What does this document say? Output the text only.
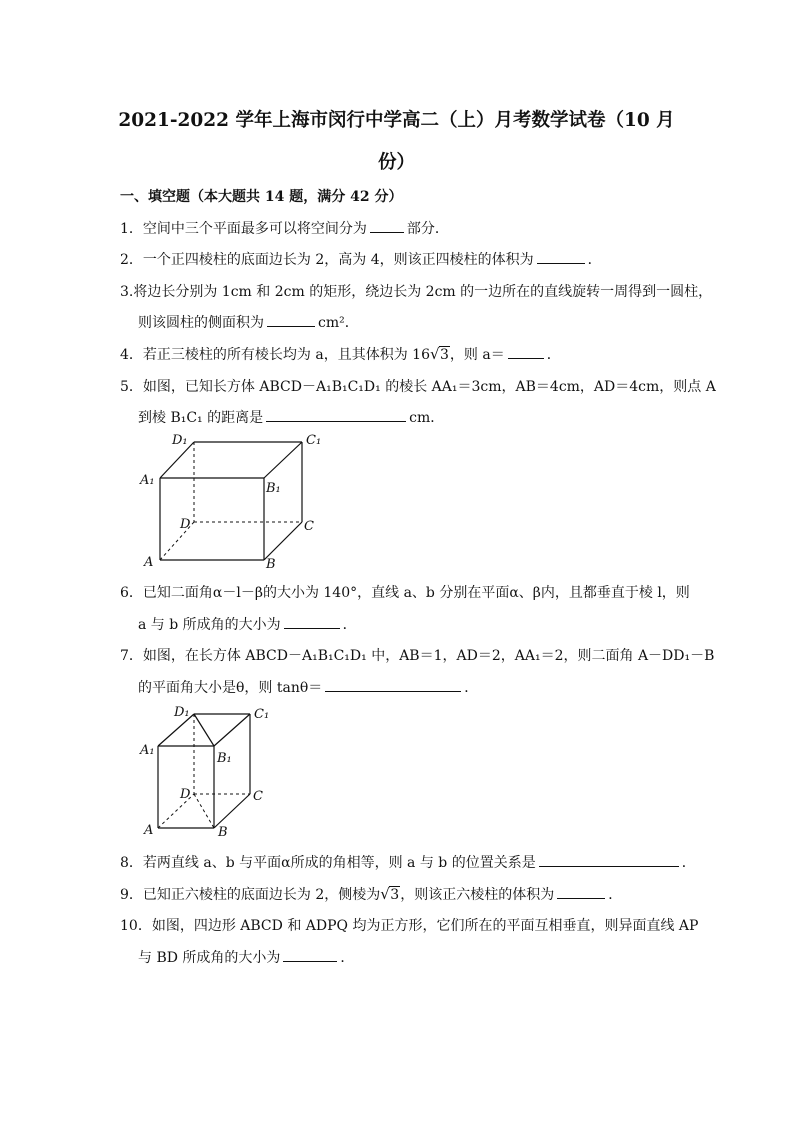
2021-2022 学年上海市闵行中学高二（上）月考数学试卷（10 月
份）
一、填空题（本大题共 14 题，满分 42 分）
1．空间中三个平面最多可以将空间分为	部分．
2．一个正四棱柱的底面边长为 2，高为 4，则该正四棱柱的体积为	．
3.将边长分别为 1cm 和 2cm 的矩形，绕边长为 2cm 的一边所在的直线旋转一周得到一圆柱，
则该圆柱的侧面积为	cm²．
4．若正三棱柱的所有棱长均为 a，且其体积为 16 √ 3，则 a＝	．
5．如图，已知长方体 ABCD－A₁B₁C₁D₁ 的棱长 AA₁＝3cm，AB＝4cm，AD＝4cm，则点 A
到棱 B₁C₁ 的距离是	cm．
D₁	C₁
A₁
B₁
D	C
A	B
6．已知二面角α－l－β的大小为 140°，直线 a、b 分别在平面α、β内，且都垂直于棱 l，则
a 与 b 所成角的大小为	．
7．如图，在长方体 ABCD－A₁B₁C₁D₁ 中，AB＝1，AD＝2，AA₁＝2，则二面角 A－DD₁－B
的平面角大小是θ，则 tanθ＝	．
D₁	C₁
A₁
B₁
D	C
A	B
8．若两直线 a、b 与平面α所成的角相等，则 a 与 b 的位置关系是	．
9．已知正六棱柱的底面边长为 2，侧棱为 √ 3，则该正六棱柱的体积为	．
10．如图，四边形 ABCD 和 ADPQ 均为正方形，它们所在的平面互相垂直，则异面直线 AP
与 BD 所成角的大小为	．
